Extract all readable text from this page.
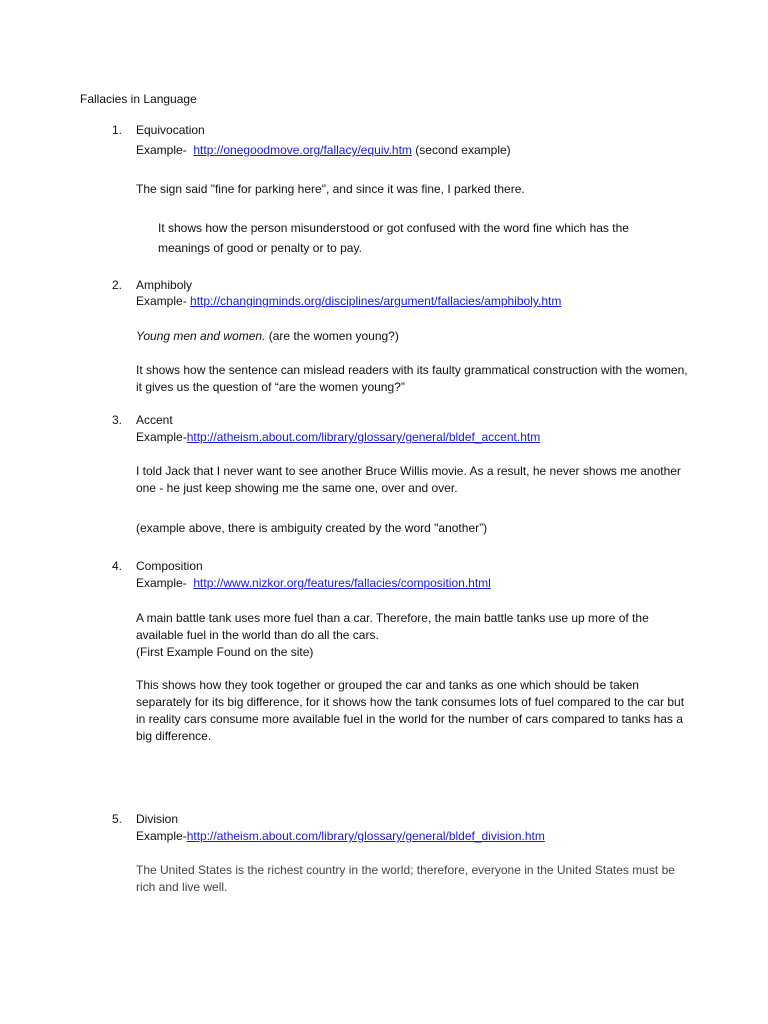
Fallacies in Language
1. Equivocation
Example- http://onegoodmove.org/fallacy/equiv.htm (second example)
The sign said "fine for parking here", and since it was fine, I parked there.
It shows how the person misunderstood or got confused with the word fine which has the meanings of good or penalty or to pay.
2. Amphiboly
Example- http://changingminds.org/disciplines/argument/fallacies/amphiboly.htm
Young men and women. (are the women young?)
It shows how the sentence can mislead readers with its faulty grammatical construction with the women, it gives us the question of “are the women young?”
3. Accent
Example-http://atheism.about.com/library/glossary/general/bldef_accent.htm
I told Jack that I never want to see another Bruce Willis movie. As a result, he never shows me another one - he just keep showing me the same one, over and over.
(example above, there is ambiguity created by the word "another”)
4. Composition
Example- http://www.nizkor.org/features/fallacies/composition.html
A main battle tank uses more fuel than a car. Therefore, the main battle tanks use up more of the available fuel in the world than do all the cars.
(First Example Found on the site)
This shows how they took together or grouped the car and tanks as one which should be taken separately for its big difference, for it shows how the tank consumes lots of fuel compared to the car but in reality cars consume more available fuel in the world for the number of cars compared to tanks has a big difference.
5. Division
Example-http://atheism.about.com/library/glossary/general/bldef_division.htm
The United States is the richest country in the world; therefore, everyone in the United States must be rich and live well.
